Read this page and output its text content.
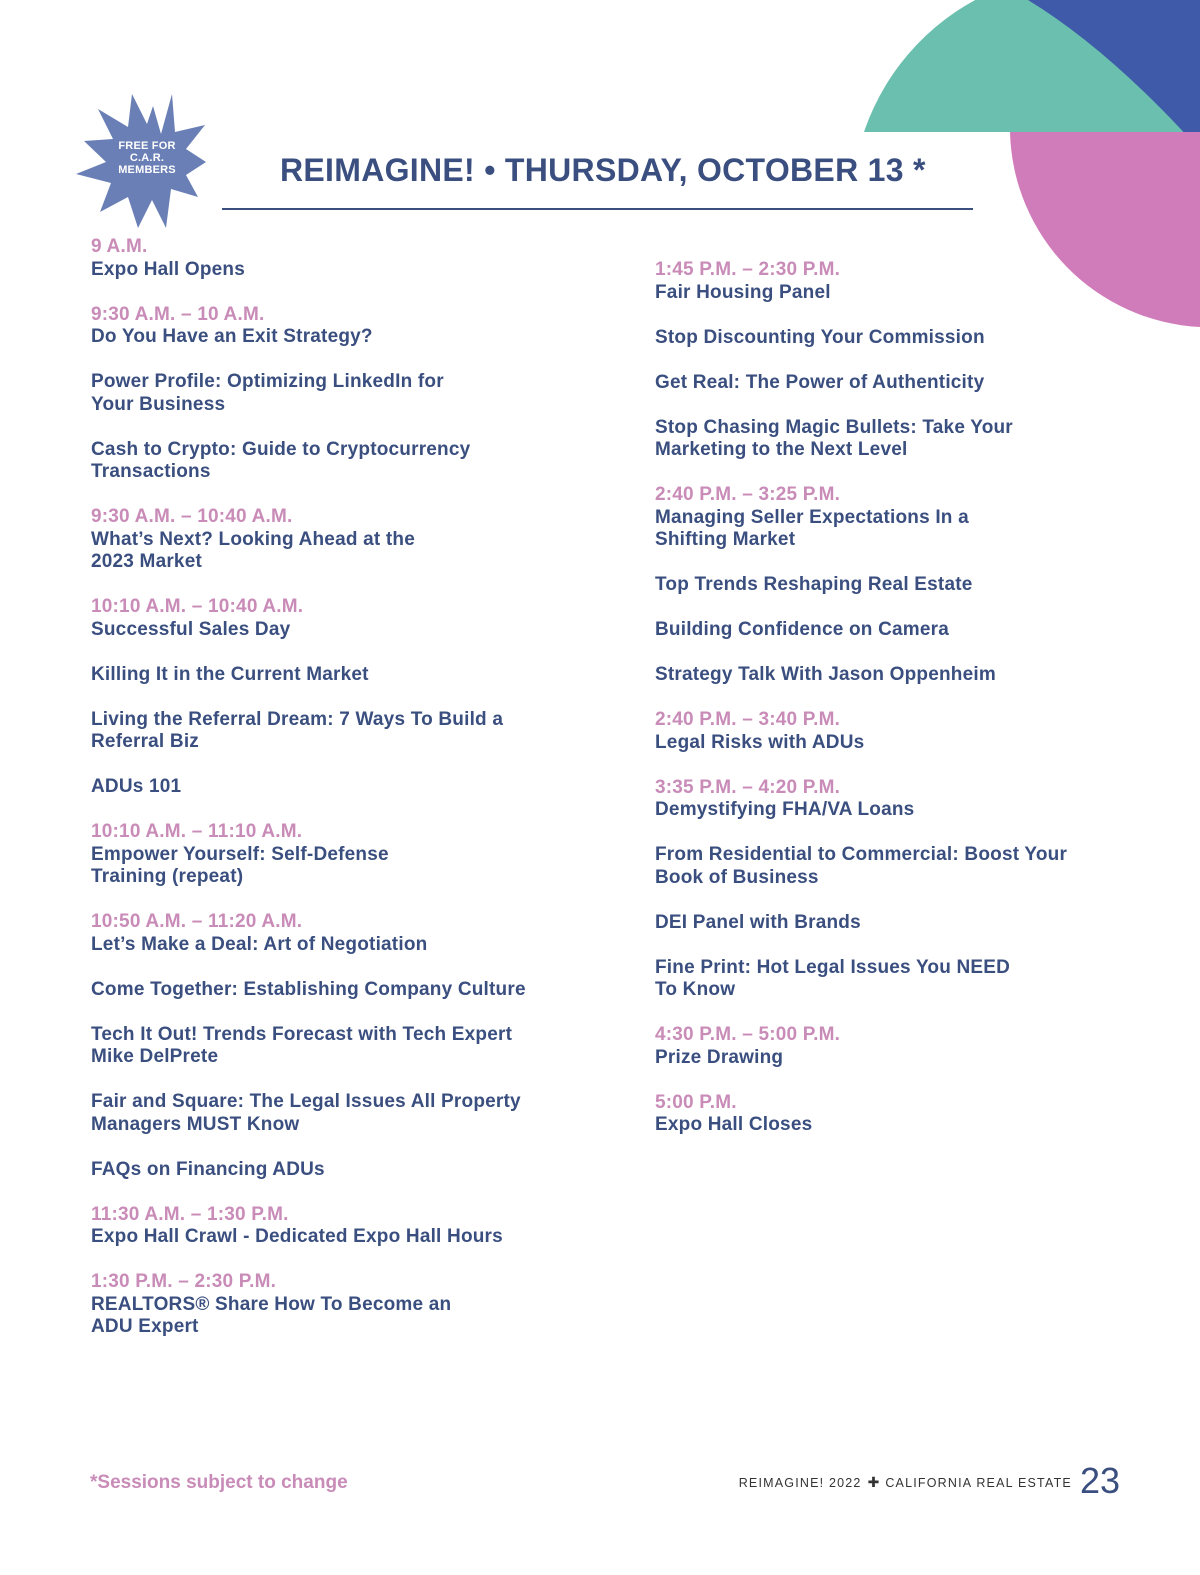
FREE FOR
C.A.R.
MEMBERS	REIMAGINE! • THURSDAY, OCTOBER 13 *
9 A.M.
Expo Hall Opens
9:30 A.M. – 10 A.M.
Do You Have an Exit Strategy?
Power Profile: Optimizing LinkedIn for
Your Business
Cash to Crypto: Guide to Cryptocurrency
Transactions
9:30 A.M. – 10:40 A.M.
What’s Next? Looking Ahead at the
2023 Market
10:10 A.M. – 10:40 A.M.
Successful Sales Day
Killing It in the Current Market
Living the Referral Dream: 7 Ways To Build a
Referral Biz
ADUs 101
10:10 A.M. – 11:10 A.M.
Empower Yourself: Self-Defense
Training (repeat)
10:50 A.M. – 11:20 A.M.
Let’s Make a Deal: Art of Negotiation
Come Together: Establishing Company Culture
Tech It Out! Trends Forecast with Tech Expert
Mike DelPrete
Fair and Square: The Legal Issues All Property
Managers MUST Know
FAQs on Financing ADUs
11:30 A.M. – 1:30 P.M.
Expo Hall Crawl - Dedicated Expo Hall Hours
1:30 P.M. – 2:30 P.M.
REALTORS® Share How To Become an
ADU Expert
1:45 P.M. – 2:30 P.M.
Fair Housing Panel
Stop Discounting Your Commission
Get Real: The Power of Authenticity
Stop Chasing Magic Bullets: Take Your
Marketing to the Next Level
2:40 P.M. – 3:25 P.M.
Managing Seller Expectations In a
Shifting Market
Top Trends Reshaping Real Estate
Building Confidence on Camera
Strategy Talk With Jason Oppenheim
2:40 P.M. – 3:40 P.M.
Legal Risks with ADUs
3:35 P.M. – 4:20 P.M.
Demystifying FHA/VA Loans
From Residential to Commercial: Boost Your
Book of Business
DEI Panel with Brands
Fine Print: Hot Legal Issues You NEED
To Know
4:30 P.M. – 5:00 P.M.
Prize Drawing
5:00 P.M.
Expo Hall Closes
*Sessions subject to change	REIMAGINE! 2022 ✚ CALIFORNIA REAL ESTATE 23
